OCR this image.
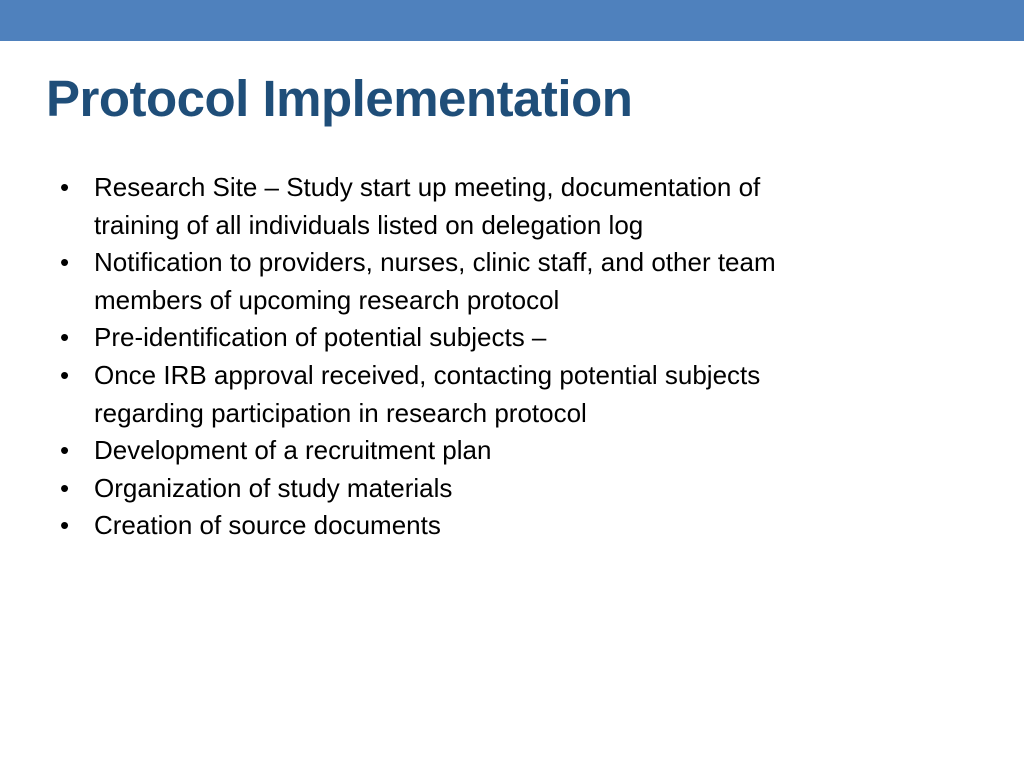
Protocol Implementation
• Research Site – Study start up meeting, documentation of
training of all individuals listed on delegation log
• Notification to providers, nurses, clinic staff, and other team
members of upcoming research protocol
• Pre-identification of potential subjects –
• Once IRB approval received, contacting potential subjects
regarding participation in research protocol
• Development of a recruitment plan
• Organization of study materials
• Creation of source documents
